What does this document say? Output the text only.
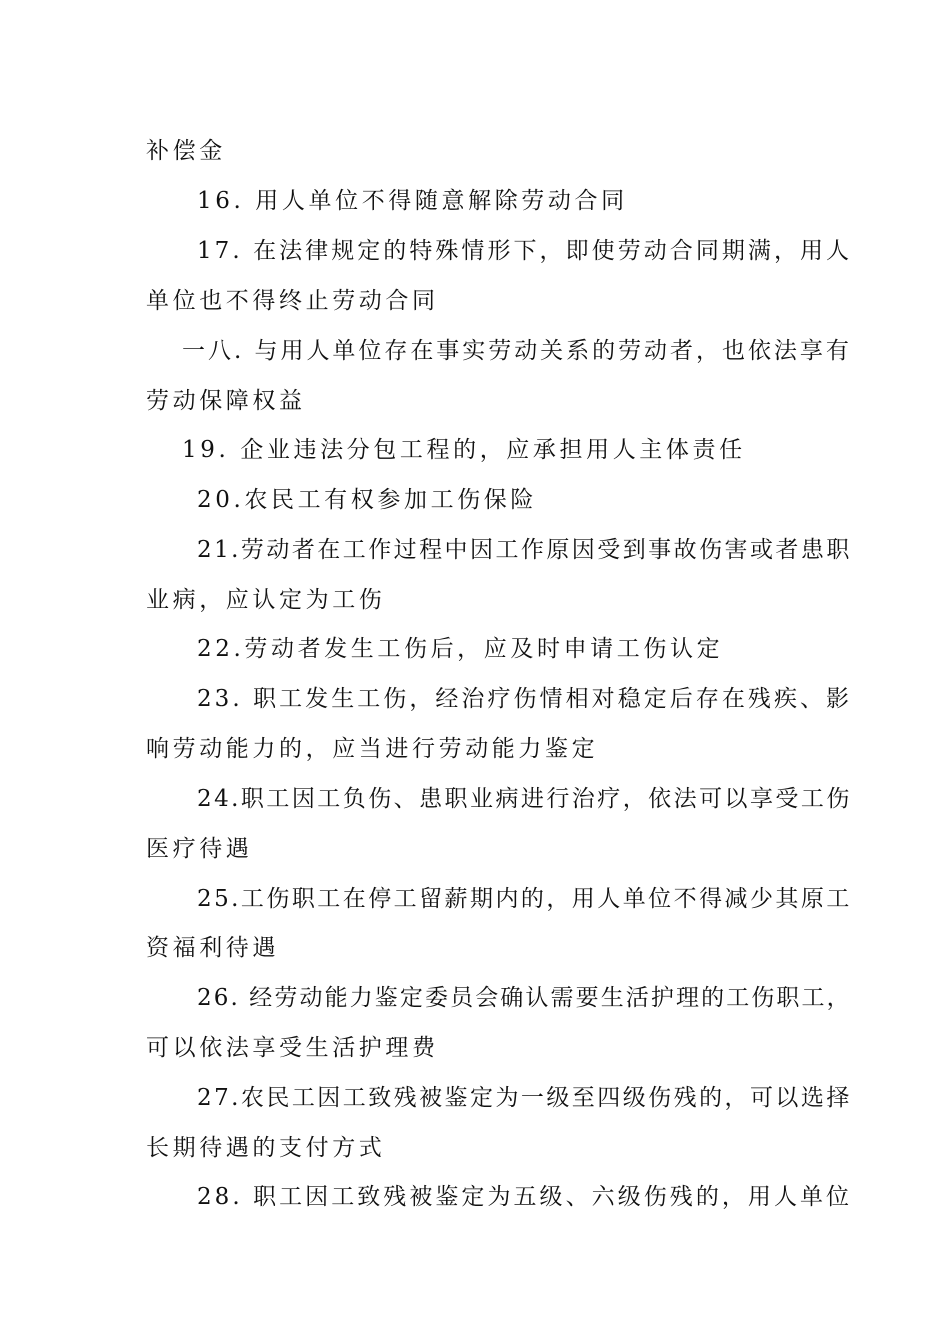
补偿金
16. 用人单位不得随意解除劳动合同
17. 在法律规定的特殊情形下，即使劳动合同期满，用人
单位也不得终止劳动合同
一八. 与用人单位存在事实劳动关系的劳动者，也依法享有
劳动保障权益
19. 企业违法分包工程的，应承担用人主体责任
20.农民工有权参加工伤保险
21.劳动者在工作过程中因工作原因受到事故伤害或者患职
业病，应认定为工伤
22.劳动者发生工伤后，应及时申请工伤认定
23. 职工发生工伤，经治疗伤情相对稳定后存在残疾、影
响劳动能力的，应当进行劳动能力鉴定
24.职工因工负伤、患职业病进行治疗，依法可以享受工伤
医疗待遇
25.工伤职工在停工留薪期内的，用人单位不得减少其原工
资福利待遇
26. 经劳动能力鉴定委员会确认需要生活护理的工伤职工，
可以依法享受生活护理费
27.农民工因工致残被鉴定为一级至四级伤残的，可以选择
长期待遇的支付方式
28. 职工因工致残被鉴定为五级、六级伤残的，用人单位
